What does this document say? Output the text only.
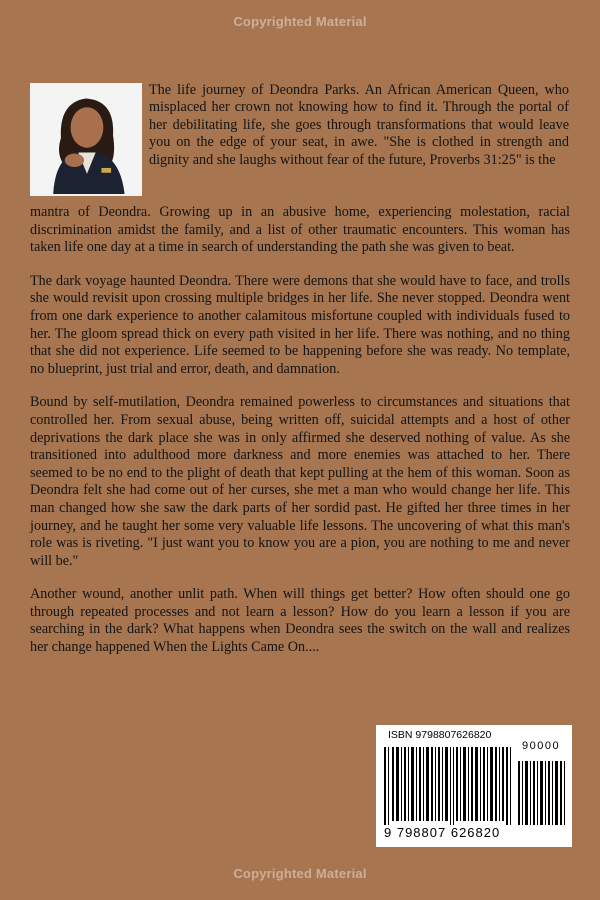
Copyrighted Material

The life journey of Deondra Parks. An African American Queen, who misplaced her crown not knowing how to find it. Through the portal of her debilitating life, she goes through transformations that would leave you on the edge of your seat, in awe. "She is clothed in strength and dignity and she laughs without fear of the future, Proverbs 31:25" is the

mantra of Deondra. Growing up in an abusive home, experiencing molestation, racial discrimination amidst the family, and a list of other traumatic encounters. This woman has taken life one day at a time in search of understanding the path she was given to beat.

The dark voyage haunted Deondra. There were demons that she would have to face, and trolls she would revisit upon crossing multiple bridges in her life. She never stopped. Deondra went from one dark experience to another calamitous misfortune coupled with individuals fused to her. The gloom spread thick on every path visited in her life. There was nothing, and no thing that she did not experience. Life seemed to be happening before she was ready. No template, no blueprint, just trial and error, death, and damnation.

Bound by self-mutilation, Deondra remained powerless to circumstances and situations that controlled her. From sexual abuse, being written off, suicidal attempts and a host of other deprivations the dark place she was in only affirmed she deserved nothing of value. As she transitioned into adulthood more darkness and more enemies was attached to her. There seemed to be no end to the plight of death that kept pulling at the hem of this woman. Soon as Deondra felt she had come out of her curses, she met a man who would change her life. This man changed how she saw the dark parts of her sordid past. He gifted her three times in her journey, and he taught her some very valuable life lessons. The uncovering of what this man's role was is riveting. "I just want you to know you are a pion, you are nothing to me and never will be."

Another wound, another unlit path. When will things get better? How often should one go through repeated processes and not learn a lesson? How do you learn a lesson if you are searching in the dark? What happens when Deondra sees the switch on the wall and realizes her change happened When the Lights Came On....

ISBN 9798807626820
90000
9 798807 626820
Copyrighted Material
